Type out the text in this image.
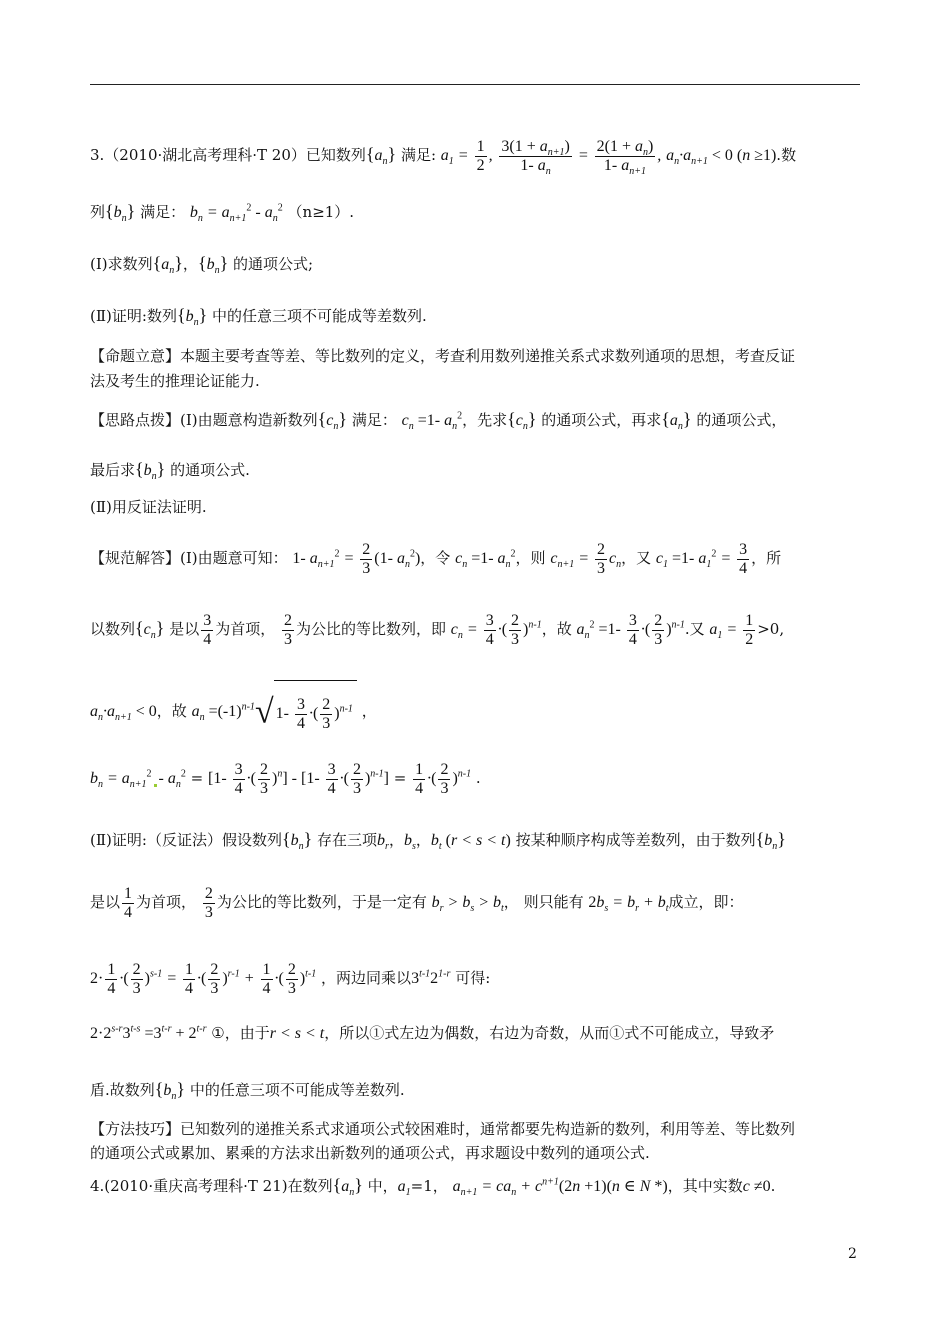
3.（2010·湖北高考理科·T 20）已知数列$\{a_n\}$ 满足: $a_1 = \frac{1}{2}$ , $\frac{3(1 + a_{n+1})}{1- a_n} = \frac{2(1 + a_n)}{1- a_{n+1}}$ , $a_n\cdot a_{n+1} < 0$ (n ≥1).数
列$\{b_n\}$ 满足： $b_n = a_{n+1}^2 - a_n^2$ （n≥1）.
(Ⅰ)求数列$\{a_n\}$，$\{b_n\}$ 的通项公式;
(Ⅱ)证明:数列$\{b_n\}$ 中的任意三项不可能成等差数列.
【命题立意】本题主要考查等差、等比数列的定义，考查利用数列递推关系式求数列通项的思想，考查反证
法及考生的推理论证能力.
【思路点拨】(Ⅰ)由题意构造新数列$\{c_n\}$ 满足： $c_n =1-$ $a_n^2$，先求$\{c_n\}$ 的通项公式，再求$\{a_n\}$ 的通项公式，
最后求$\{b_n\}$ 的通项公式.
(Ⅱ)用反证法证明.
【规范解答】(Ⅰ)由题意可知： 1- $a_{n+1}^2 = \frac{2}{3} (1-$ $a_n^2$)，令 $c_n =1-$ $a_n^2$，则 $c_{n+1} = \frac{2}{3} c_n$，又 $c_1 =1-$ $a_1^2 = \frac{3}{4}$ ，所
以数列$\{c_n\}$ 是以 $\frac{3}{4}$ 为首项， $\frac{2}{3}$ 为公比的等比数列，即 $c_n = \frac{3}{4}$ ·( $\frac{2}{3} )^{n-1}$，故 $a_n^2 =1- \frac{3}{4}$ ·( $\frac{2}{3} )^{n-1}$.又 $a_1 = \frac{1}{2} >0$,
$a_n\cdot a_{n+1} < 0$，故 $a_n =(-1)^{n-1}√$ $1- \frac{3}{4}$ ·( $\frac{2}{3} )^{n-1}$ ，
$b_n = a_{n+1}^2 - a_n^2 = [1- \frac{3}{4}$ ·( $\frac{2}{3} )^n] - [1- \frac{3}{4}$ ·( $\frac{2}{3} )^{n-1}] = \frac{1}{4}$ ·( $\frac{2}{3} )^{n-1}$ .
(Ⅱ)证明:（反证法）假设数列$\{b_n\}$ 存在三项$b_r$，$b_s$，$b_t$ (r < s < t) 按某种顺序构成等差数列，由于数列$\{b_n\}$
是以 $\frac{1}{4}$ 为首项， $\frac{2}{3}$ 为公比的等比数列，于是一定有 $b_r > b_s > b_t$， 则只能有 $2b_s = b_r + b_t$成立，即：
$2\cdot \frac{1}{4}$ ·( $\frac{2}{3} )^{s-1} = \frac{1}{4}$ ·( $\frac{2}{3} )^{r-1} + \frac{1}{4}$ ·( $\frac{2}{3} )^{t-1}$ ，两边同乘以3$^{t-1}$2$^{1-r}$ 可得:
$2\cdot 2^{s-r}3^{t-s} =3^{t-r} + 2^{t-r}$ ①，由于r < s < t，所以①式左边为偶数，右边为奇数，从而①式不可能成立，导致矛
盾.故数列$\{b_n\}$ 中的任意三项不可能成等差数列.
【方法技巧】已知数列的递推关系式求通项公式较困难时，通常都要先构造新的数列，利用等差、等比数列
的通项公式或累加、累乘的方法求出新数列的通项公式，再求题设中数列的通项公式.
4.(2010·重庆高考理科·T 21)在数列$\{a_n\}$ 中，$a_1=1$， $a_{n+1} = ca_n + c^{n+1}(2n +1)(n$ ∈ N *)，其中实数c ≠0.
2
